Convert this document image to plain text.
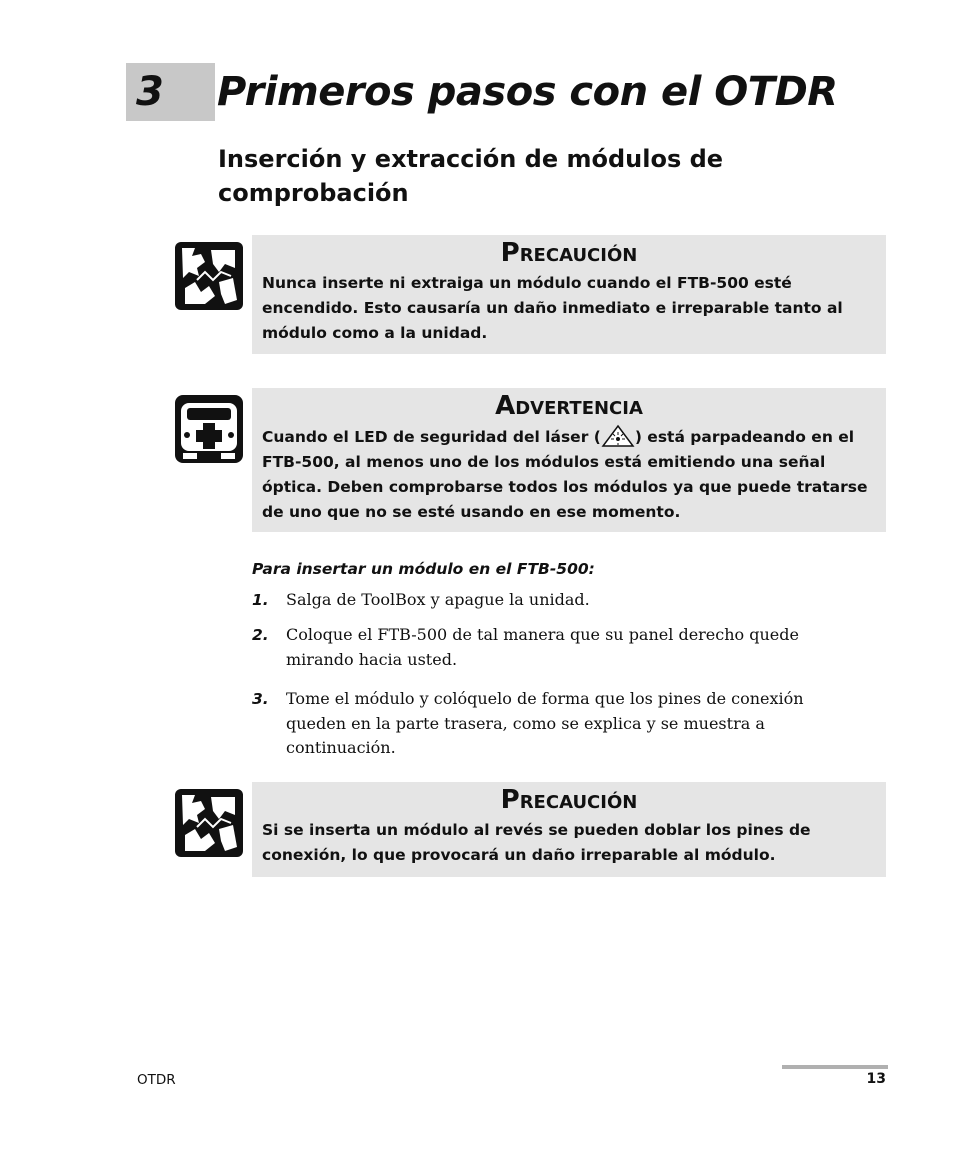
3	Primeros pasos con el OTDR
Inserción y extracción de módulos de comprobación
Precaución
Nunca inserte ni extraiga un módulo cuando el FTB-500 esté encendido. Esto causaría un daño inmediato e irreparable tanto al módulo como a la unidad.
Advertencia
Cuando el LED de seguridad del láser ( ) está parpadeando en el FTB-500, al menos uno de los módulos está emitiendo una señal óptica. Deben comprobarse todos los módulos ya que puede tratarse de uno que no se esté usando en ese momento.
Para insertar un módulo en el FTB-500:
1. Salga de ToolBox y apague la unidad.
2. Coloque el FTB-500 de tal manera que su panel derecho quede mirando hacia usted.
3. Tome el módulo y colóquelo de forma que los pines de conexión queden en la parte trasera, como se explica y se muestra a continuación.
Precaución
Si se inserta un módulo al revés se pueden doblar los pines de conexión, lo que provocará un daño irreparable al módulo.
OTDR	13
